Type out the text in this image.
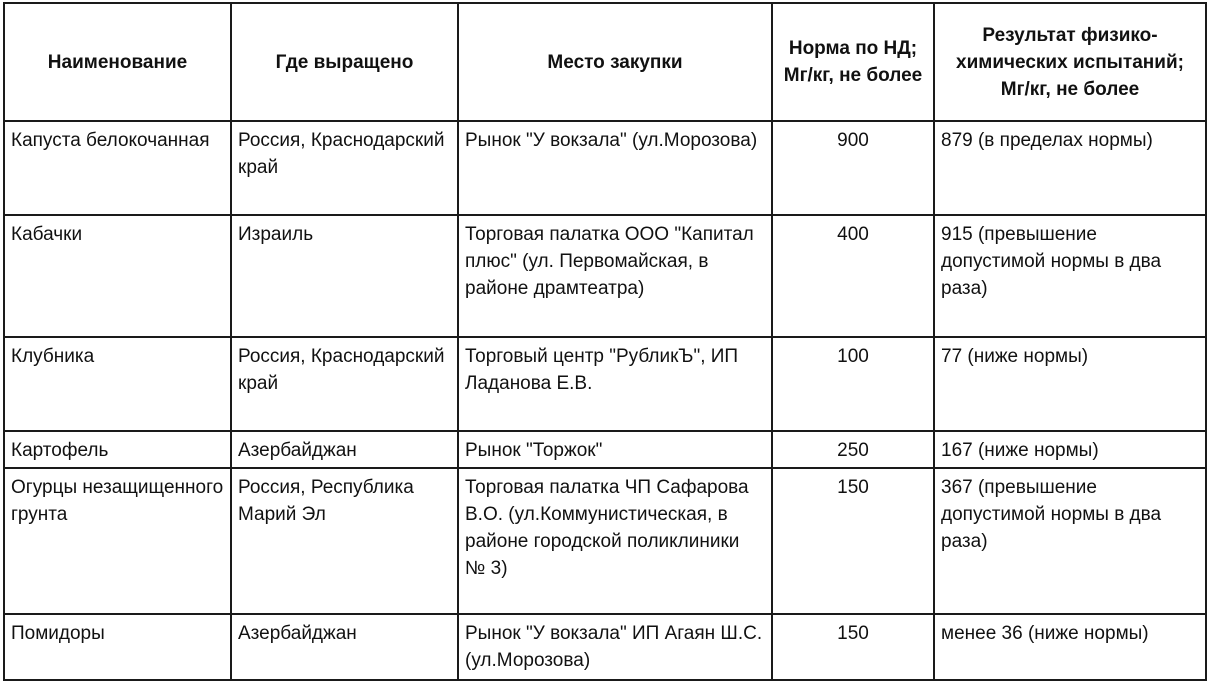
Наименование	Где выращено	Место закупки	Норма по НД; Мг/кг, не более	Результат физико-химических испытаний; Мг/кг, не более
Капуста белокочанная	Россия, Краснодарский край	Рынок "У вокзала" (ул.Морозова)	900	879 (в пределах нормы)
Кабачки	Израиль	Торговая палатка ООО "Капитал плюс" (ул. Первомайская, в районе драмтеатра)	400	915 (превышение допустимой нормы в два раза)
Клубника	Россия, Краснодарский край	Торговый центр "РубликЪ", ИП Ладанова Е.В.	100	77 (ниже нормы)
Картофель	Азербайджан	Рынок "Торжок"	250	167 (ниже нормы)
Огурцы незащищенного грунта	Россия, Республика Марий Эл	Торговая палатка ЧП Сафарова В.О. (ул.Коммунистическая, в районе городской поликлиники № 3)	150	367 (превышение допустимой нормы в два раза)
Помидоры	Азербайджан	Рынок "У вокзала" ИП Агаян Ш.С. (ул.Морозова)	150	менее 36 (ниже нормы)
